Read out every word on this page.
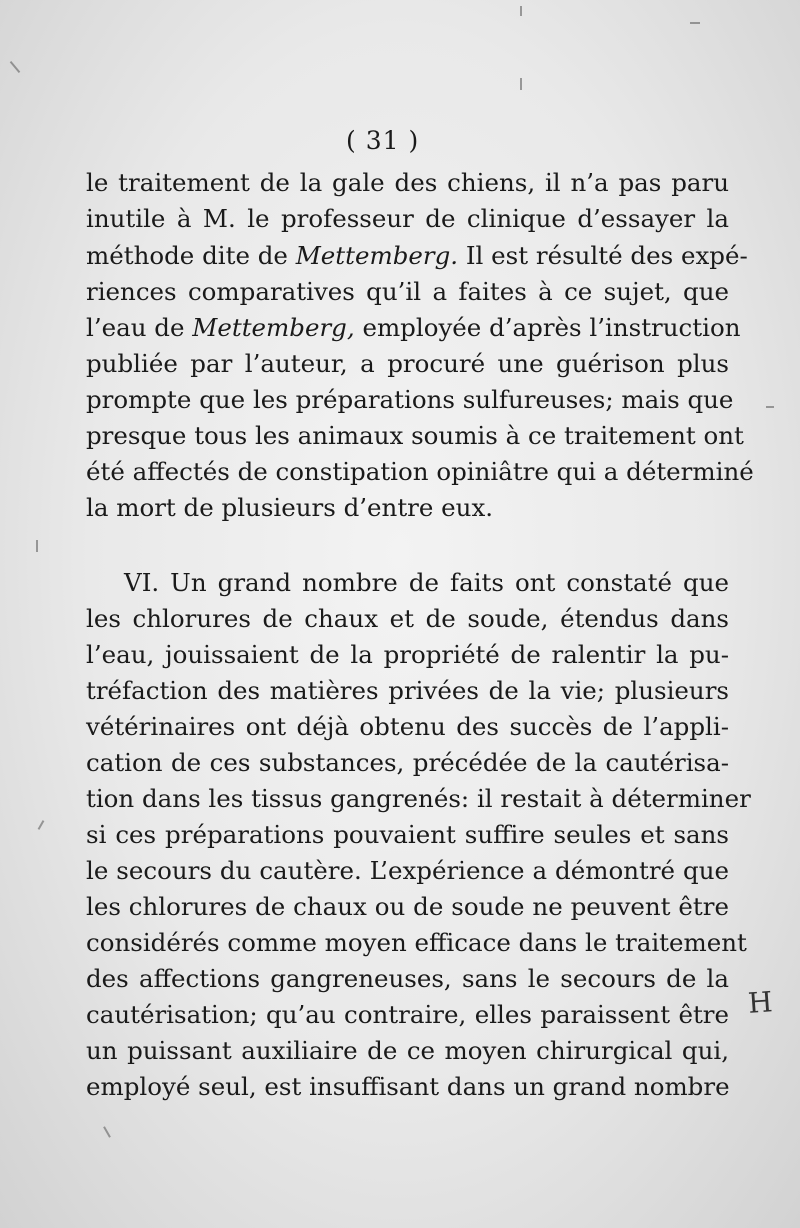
( 31 )
le traitement de la gale des chiens, il n’a pas paru
inutile à M. le professeur de clinique d’essayer la
méthode dite de Mettemberg. Il est résulté des expé-
riences comparatives qu’il a faites à ce sujet, que
l’eau de Mettemberg, employée d’après l’instruction
publiée par l’auteur, a procuré une guérison plus
prompte que les préparations sulfureuses; mais que
presque tous les animaux soumis à ce traitement ont
été affectés de constipation opiniâtre qui a déterminé
la mort de plusieurs d’entre eux.
VI. Un grand nombre de faits ont constaté que
les chlorures de chaux et de soude, étendus dans
l’eau, jouissaient de la propriété de ralentir la pu-
tréfaction des matières privées de la vie; plusieurs
vétérinaires ont déjà obtenu des succès de l’appli-
cation de ces substances, précédée de la cautérisa-
tion dans les tissus gangrenés: il restait à déterminer
si ces préparations pouvaient suffire seules et sans
le secours du cautère. L’expérience a démontré que
les chlorures de chaux ou de soude ne peuvent être
considérés comme moyen efficace dans le traitement
des affections gangreneuses, sans le secours de la
cautérisation; qu’au contraire, elles paraissent être
un puissant auxiliaire de ce moyen chirurgical qui,
employé seul, est insuffisant dans un grand nombre
H
